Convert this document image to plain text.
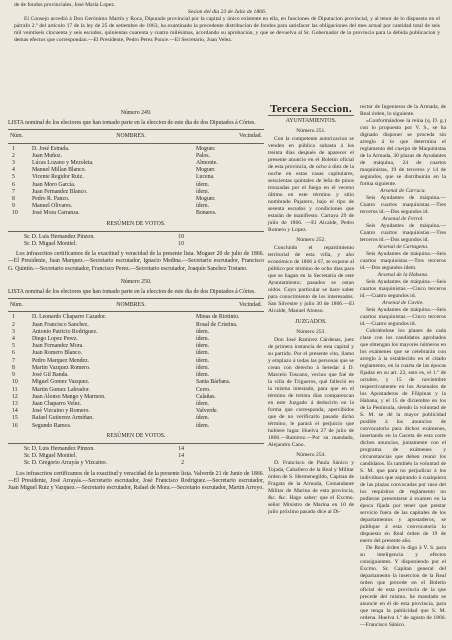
de de fondos provinciales, José María Lopez.

Sesion del dia 23 de Julio de 1866.

El Consejo accedió á Don Gerónimo Martín y Roca, Diputado provincial por la capital y único existente en ella, en funciones de Diputacion provincial, y al tenor de lo dispuesto en el párrafo 2.º del artículo 17 de la ley de 25 de setiembre de 1863, ha examinado la precedente distribucion de fondos para satisfacer las obligaciones del mes actual por cantidad total de seis mil veintiseis cincuenta y seis escudos, quinientas cuarenta y cuatro milésimas, acordando su aprobacion, y que se devuelva al Sr. Gobernador de la provincia para la debida publicacion y demas efectos que correspondan.—El Presidente, Pedro Perez Ponce.—El Secretario, Juan Velez.

Número 249.
LISTA nominal de los electores que han tomado parte en la eleccion de este dia de dos Diputados á Córtes.
Núm.	NOMBRES.	Vecindad.
1	D. José Estrada.	Moguer.
2	Juan Muñoz.	Palos.
3	Lúcas Lozano y Mezoleta.	Almonte.
4	Manuel Millan Blanco.	Moguer.
5	Vicente Regidor Ruiz.	Lucena.
6	Juan Moro García.	ídem.
7	Juan Fernandez Blanco.	ídem.
8	Pedro R. Panzo.	Moguer.
9	Manuel Olivares.	ídem.
10	José Mora Carranza.	Bonares.
RESÚMEN DE VOTOS.
Sr. D. Luis Hernandez Pinzon.	10
Sr. D. Miguel Montiel.	10
Los infrascritos certificamos de la exactitud y veracidad de la presente lista. Moguer 20 de julio de 1866.—El Presidente, Juan Marquez.—Secretario escrutador, Ignacio Medina.—Secretario escrutador, Francisco G. Quintín.—Secretario escrutador, Francisco Perez.—Secretario escrutador, Joaquín Sanchez Tostano.
Número 250.
LISTA nominal de los electores que han tomado parte en la eleccion de este dia de dos Diputados á Córtes.
Núm.	NOMBRES.	Vecindad.
1	D. Leonardo Chaparro Cazador.	Minas de Riotinto.
2	Juan Francisco Sanchez.	Rosal de Cristina.
3	Antonio Patricio Rodriguez.	ídem.
4	Diego Lopez Perez.	ídem.
5	Juan Fernandez Mora.	ídem.
6	Juan Romero Blanco.	ídem.
7	Pedro Marquez Mendez.	ídem.
8	Martin Vazquez Romero.	ídem.
9	José Gil Banda.	ídem.
10	Miguel Gomez Vazquez.	Santa Bárbara.
11	Martin Gomez Labrador.	Cerro.
12	Juan Alonso Mango y Marmon.	Calañas.
13	Juan Chaparro Velez.	ídem.
14	José Vizcaino y Romero.	Valverde.
15	Rafael Gutierrez Armiñan.	ídem.
16	Segundo Ramos.	ídem.
RESÚMEN DE VOTOS.
Sr. D. Luis Hernandez Pinzon.	14
Sr. D. Miguel Montiel.	14
Sr. D. Gregorio Arrayás y Vizcaino.	2
Los infrascritos certificamos de la exactitud y veracidad de la presente lista. Valverde 21 de Junio de 1866.—El Presidente, José Arrayás.—Secretario escrutador, José Francisco Rodriguez.—Secretario escrutador, Juan Miguel Ruiz y Vazquez.—Secretario escrutador, Rafael de Mora.—Secretario escrutador, Martin Arroyo.
Tercera Seccion.
AYUNTAMIENTOS.
Número 251.

Con la competente autorizacion se venden en pública subasta á los treinta dias después de aparecer el presente anuncio en el Boletin oficial de esta provincia, de ocho á diez de la noche en estas casas capitulares, seiscientas quintales de leña de pinos tronzadas por el fuego en el veceno último en este término y sitio nombrado Pajarero, bajo el tipo de sesenta escudos y condiciones que estarán de manifiesto. Cartaya 29 de julio de 1866. —El Alcalde, Pedro Romero y Lopez.

Número 252.

Concluido el repartimiento territorial de esta villa, y año económico de 1866 á 67, se expone al público por término de ocho dias para que se hagan en la Secretaría de este Ayuntamiento; pasados se ostan oidos. Cuyo particular se hace saber para conocimiento de los interesados. San Silvestre y julio 30 de 1866.—El Alcalde, Manuel Alonso.

JUZGADOS.
Número 253.

Don José Ramirez Cárdenas, juez de primera instancia de esta capital y su partido. Por el presente cito, llamo y emplazo á todas las personas que se crean con derecho á heredar á D. Marcelo Toscano, vecino que fué de la villa de Trigueros, qué falleció en la misma intestado, para que en el término de treinta días comparezcan en este Juzgado á deducirlo en la forma que corresponda, apercibidos que de no verificarlo pasado dicho término, le parará el perjuicio que hubiere lugar. Huelva 27 de julio de 1866.—Ramirez.—Por su mandado, Alejandro Cano.

Número 254.

D. Francisco de Paula Sánico y Tojada, Caballero de la Real y Militar órden de S. Hermenegildo, Capitan de Fragata de la Armada, Comandante Militar de Marina de esta provincia, &c. &c. Hago saber: que el Excmo. señor Ministro de Marina en 10 de julio próximo pasado dice al Di-

rector de Ingenieros de la Armada, de Real órden, lo siguiente.

«Conformándose la reina (q. D. g.) con lo propuesto por V. S., se ha dignado disponer se proceda sin arreglo á lo que determina el reglamento del cuerpo de Maquinistas de la Armada, 30 plazas de Ayudantes de máquina, 24 de cuartos maquinistas, 19 de terceros y 14 de segundos, que se distribuirán en la forma siguiente.

Arsenal de Carraca.

Seis Ayudantes de máquina.—Cuatro cuartos maquinistas.—Tres terceros id.—Dos segundos id.

Arsenal de Ferrol.

Seis Ayudantes de máquina.—Cuatro cuartos maquinistas.—Tres terceros id.—Dos segundos id.

Arsenal de Cartagena.

Seis Ayudantes de máquina.—Seis cuartos maquinistas.—Tres terceros id.—Dos segundos idem.

Arsenal de la Habana.

Seis Ayudantes de máquina.—Seis cuartos maquinistas.—Cinco terceros id.—Cuatro segundos id.

Arsenal de Cavite.

Seis Ayudantes de máquina.—Seis cuartos maquinistas.—Cinco terceros id.—Cuatro segundos id.

Cubriéndose los planes de cada clase con los candidatos aprobados que obtengan los mayores números en los exámenes que se celebrarán con arreglo á la establecido en el citado reglamento, en la cuarta de las épocas fijadas en su art. 22, esto es, el 1.º de octubre, y 15 de noviembre respectivamente en los Arsenales de los Apostaderos de Filipinas y la Habana, y el 15 de diciembre en los de la Península, siendo la voluntad de S. M. se dé la mayor publicidad posible á los anuncios de convocatoria para dichos exámenes, insertando en la Gaceta de esta corte dichos anuncios, juntamente con el programa de exámenes y circunstancias que deben reunir los candidatos. Es también la voluntad de S. M. que para no perjudicar á los individuos que aspirando á cualquiera de las plazas convocadas por ruso del los requisitos de reglamento no pudieran presentarse á examen en la época fijada por tener que prestar servicio fuera de las capitales de los departamentos y apostaderos, se publique á esta convocatoria lo dispuesto en Real órden de 19 de enero del presente año.

De Real órden lo digo á V. S. para su inteligencia y efectos consiguientes. Y disponiendo por el Excmo. Sr. Capitan general del departamento la insercion de la Real órden que precede en el Boletin oficial de esta provincia de la que precede del mismo, he mandado se anuncie en él de esta provincia, para que tenga la publicidad que S. M. ordena. Huelva 1.º de agosto de 1866.—Francisco Sánico.
